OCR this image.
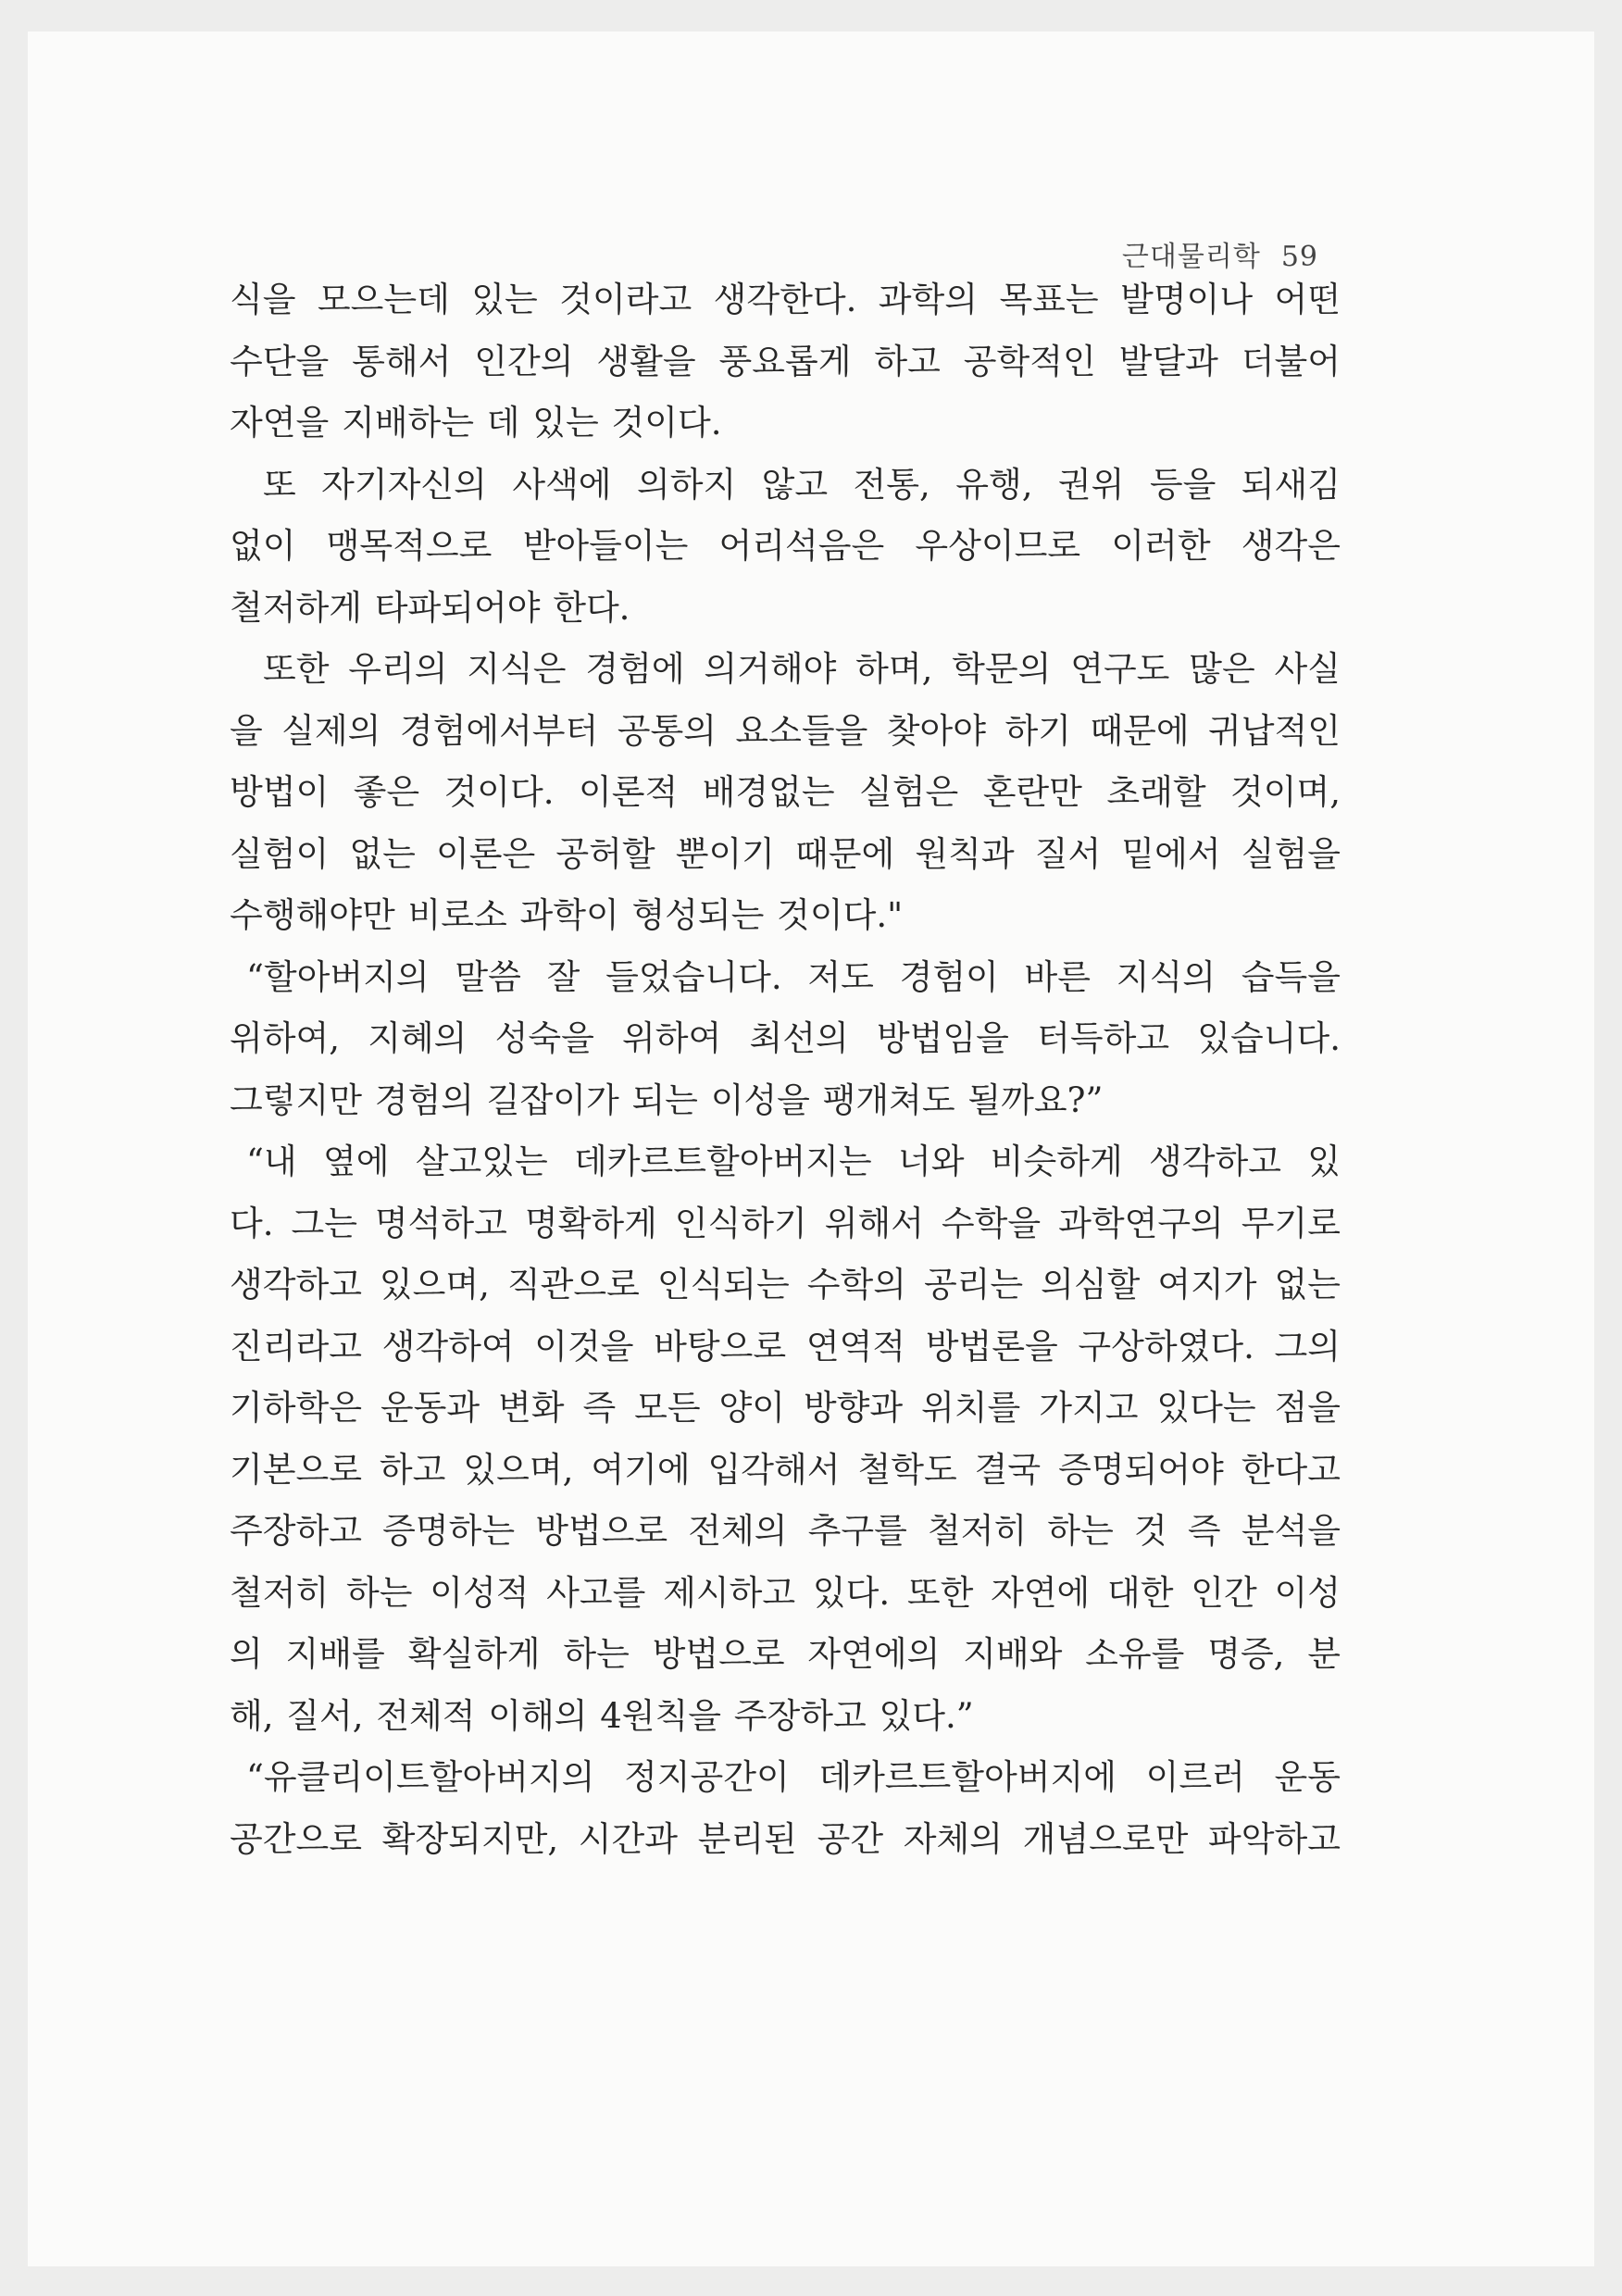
근대물리학 59
식을 모으는데 있는 것이라고 생각한다. 과학의 목표는 발명이나 어떤
수단을 통해서 인간의 생활을 풍요롭게 하고 공학적인 발달과 더불어
자연을 지배하는 데 있는 것이다.
또 자기자신의 사색에 의하지 않고 전통, 유행, 권위 등을 되새김
없이 맹목적으로 받아들이는 어리석음은 우상이므로 이러한 생각은
철저하게 타파되어야 한다.
또한 우리의 지식은 경험에 의거해야 하며, 학문의 연구도 많은 사실
을 실제의 경험에서부터 공통의 요소들을 찾아야 하기 때문에 귀납적인
방법이 좋은 것이다. 이론적 배경없는 실험은 혼란만 초래할 것이며,
실험이 없는 이론은 공허할 뿐이기 때문에 원칙과 질서 밑에서 실험을
수행해야만 비로소 과학이 형성되는 것이다."
“할아버지의 말씀 잘 들었습니다. 저도 경험이 바른 지식의 습득을
위하여, 지혜의 성숙을 위하여 최선의 방법임을 터득하고 있습니다.
그렇지만 경험의 길잡이가 되는 이성을 팽개쳐도 될까요?”
“내 옆에 살고있는 데카르트할아버지는 너와 비슷하게 생각하고 있
다. 그는 명석하고 명확하게 인식하기 위해서 수학을 과학연구의 무기로
생각하고 있으며, 직관으로 인식되는 수학의 공리는 의심할 여지가 없는
진리라고 생각하여 이것을 바탕으로 연역적 방법론을 구상하였다. 그의
기하학은 운동과 변화 즉 모든 양이 방향과 위치를 가지고 있다는 점을
기본으로 하고 있으며, 여기에 입각해서 철학도 결국 증명되어야 한다고
주장하고 증명하는 방법으로 전체의 추구를 철저히 하는 것 즉 분석을
철저히 하는 이성적 사고를 제시하고 있다. 또한 자연에 대한 인간 이성
의 지배를 확실하게 하는 방법으로 자연에의 지배와 소유를 명증, 분
해, 질서, 전체적 이해의 4원칙을 주장하고 있다.”
“유클리이트할아버지의 정지공간이 데카르트할아버지에 이르러 운동
공간으로 확장되지만, 시간과 분리된 공간 자체의 개념으로만 파악하고
